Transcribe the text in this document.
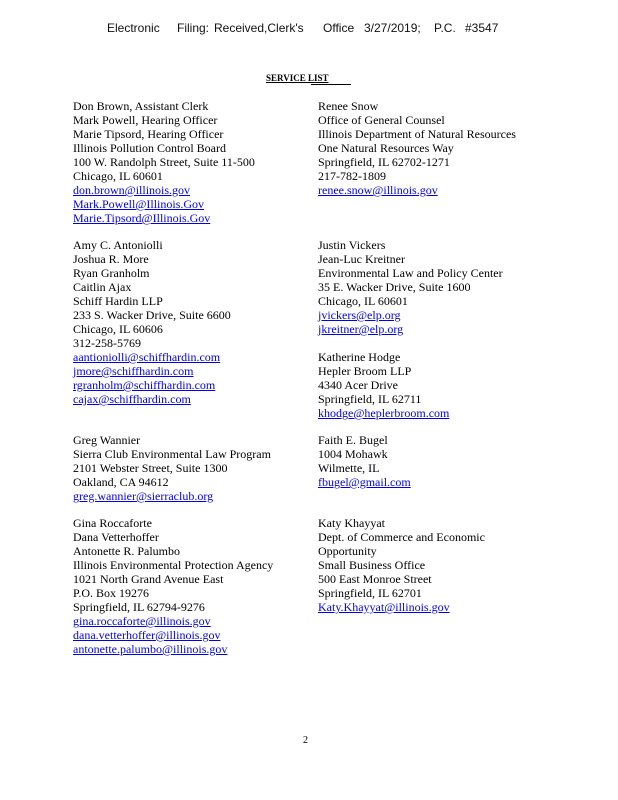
Electronic Filing: Received,Clerk's Office 3/27/2019; P.C. #3547
SERVICE LIST
Don Brown, Assistant Clerk
Mark Powell, Hearing Officer
Marie Tipsord, Hearing Officer
Illinois Pollution Control Board
100 W. Randolph Street, Suite 11-500
Chicago, IL 60601
don.brown@illinois.gov
Mark.Powell@Illinois.Gov
Marie.Tipsord@Illinois.Gov
Amy C. Antoniolli
Joshua R. More
Ryan Granholm
Caitlin Ajax
Schiff Hardin LLP
233 S. Wacker Drive, Suite 6600
Chicago, IL 60606
312-258-5769
aantioniolli@schiffhardin.com
jmore@schiffhardin.com
rgranholm@schiffhardin.com
cajax@schiffhardin.com
Greg Wannier
Sierra Club Environmental Law Program
2101 Webster Street, Suite 1300
Oakland, CA 94612
greg.wannier@sierraclub.org
Gina Roccaforte
Dana Vetterhoffer
Antonette R. Palumbo
Illinois Environmental Protection Agency
1021 North Grand Avenue East
P.O. Box 19276
Springfield, IL 62794-9276
gina.roccaforte@illinois.gov
dana.vetterhoffer@illinois.gov
antonette.palumbo@illinois.gov
Renee Snow
Office of General Counsel
Illinois Department of Natural Resources
One Natural Resources Way
Springfield, IL 62702-1271
217-782-1809
renee.snow@illinois.gov
Justin Vickers
Jean-Luc Kreitner
Environmental Law and Policy Center
35 E. Wacker Drive, Suite 1600
Chicago, IL 60601
jvickers@elp.org
jkreitner@elp.org
Katherine Hodge
Hepler Broom LLP
4340 Acer Drive
Springfield, IL 62711
khodge@heplerbroom.com
Faith E. Bugel
1004 Mohawk
Wilmette, IL
fbugel@gmail.com
Katy Khayyat
Dept. of Commerce and Economic
Opportunity
Small Business Office
500 East Monroe Street
Springfield, IL 62701
Katy.Khayyat@illinois.gov
2
